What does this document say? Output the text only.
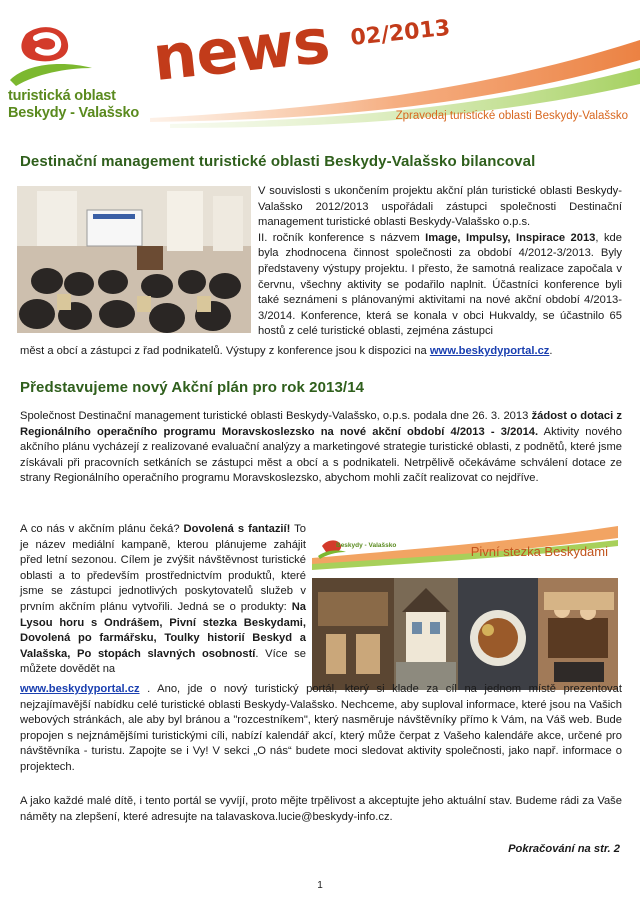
turistická oblast
Beskydy - Valašsko
news 02/2013
Zpravodaj turistické oblasti Beskydy-Valašsko
Destinační management turistické oblasti Beskydy-Valašsko bilancoval
V souvislosti s ukončením projektu akční plán turistické oblasti Beskydy-Valašsko 2012/2013 uspořádali zástupci společnosti Destinační management turistické oblasti Beskydy-Valašsko o.p.s.
II. ročník konference s názvem Image, Impulsy, Inspirace 2013, kde byla zhodnocena činnost společnosti za období 4/2012-3/2013. Byly představeny výstupy projektu. I přesto, že samotná realizace započala v červnu, všechny aktivity se podařilo naplnit. Účastníci konference byli také seznámeni s plánovanými aktivitami na nové akční období 4/2013-3/2014. Konference, která se konala v obci Hukvaldy, se účastnilo 65 hostů z celé turistické oblasti, zejména zástupci
měst a obcí a zástupci z řad podnikatelů. Výstupy z konference jsou k dispozici na www.beskydyportal.cz.
Představujeme nový Akční plán pro rok 2013/14
Společnost Destinační management turistické oblasti Beskydy-Valašsko, o.p.s. podala dne 26. 3. 2013 žádost o dotaci z Regionálního operačního programu Moravskoslezsko na nové akční období 4/2013 - 3/2014. Aktivity nového akčního plánu vycházejí z realizované evaluační analýzy a marketingové strategie turistické oblasti, z podnětů, které jsme získávali při pracovních setkáních se zástupci měst a obcí a s podnikateli. Netrpělivě očekáváme schválení dotace ze strany Regionálního operačního programu Moravskoslezsko, abychom mohli začít realizovat co nejdříve.
A co nás v akčním plánu čeká? Dovolená s fantazií! To je název mediální kampaně, kterou plánujeme zahájit před letní sezonou. Cílem je zvýšit návštěvnost turistické oblasti a to především prostřednictvím produktů, které jsme se zástupci jednotlivých poskytovatelů služeb v prvním akčním plánu vytvořili. Jedná se o produkty: Na Lysou horu s Ondrášem, Pivní stezka Beskydami, Dovolená po farmářsku, Toulky historií Beskyd a Valašska, Po stopách slavných osobností. Více se můžete dovědět na
Beskydy - Valašsko	Pivní stezka Beskydami
www.beskydyportal.cz . Ano, jde o nový turistický portál, který si klade za cíl na jednom místě prezentovat nejzajímavější nabídku celé turistické oblasti Beskydy-Valašsko. Nechceme, aby suploval informace, které jsou na Vašich webových stránkách, ale aby byl bránou a "rozcestníkem", který nasměruje návštěvníky přímo k Vám, na Váš web. Bude propojen s nejznámějšími turistickými cíli, nabízí kalendář akcí, který může čerpat z Vašeho kalendáře akce, určené pro návštěvníka - turistu. Zapojte se i Vy! V sekci „O nás“ budete moci sledovat aktivity společnosti, jako např. informace o projektech.
A jako každé malé dítě, i tento portál se vyvíjí, proto mějte trpělivost a akceptujte jeho aktuální stav. Budeme rádi za Vaše náměty na zlepšení, které adresujte na talavaskova.lucie@beskydy-info.cz.
Pokračování na str. 2
1
